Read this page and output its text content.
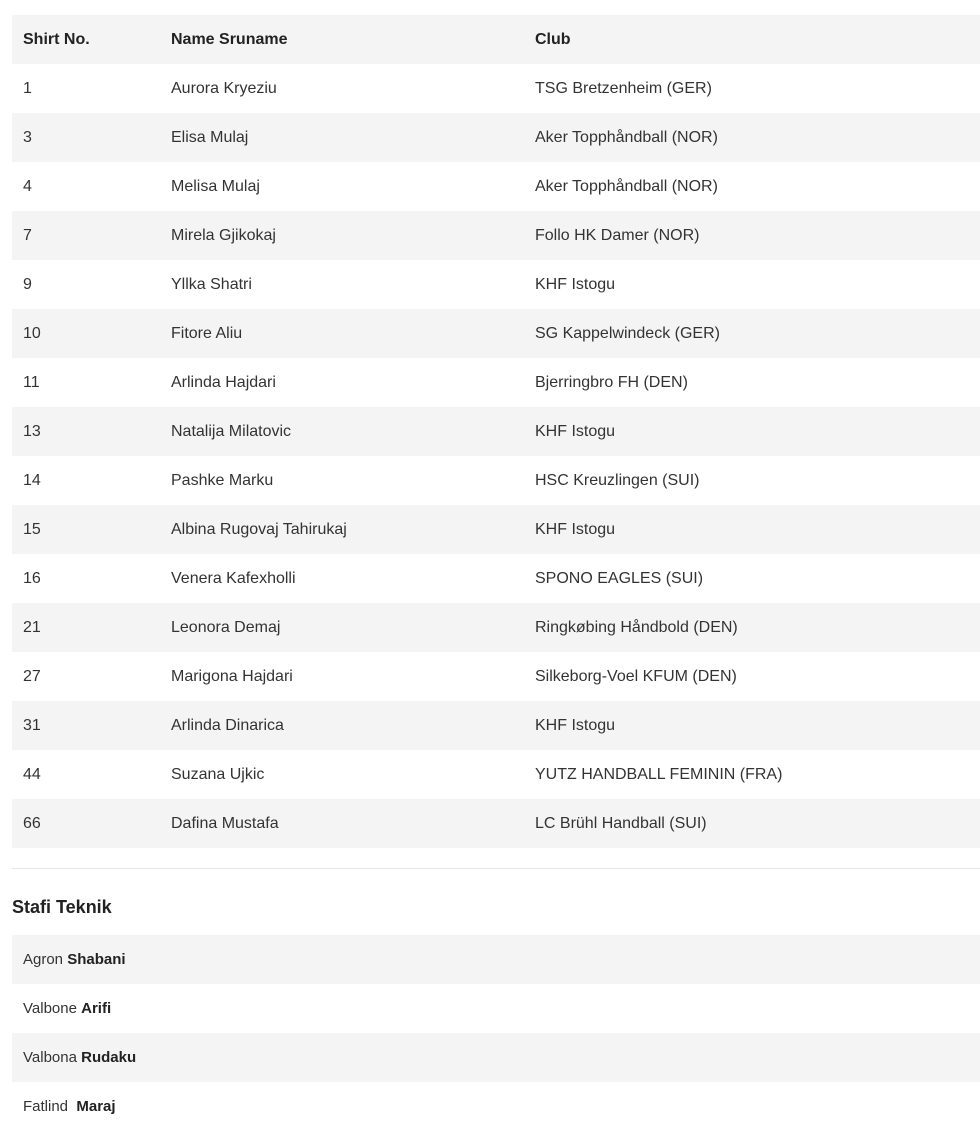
Shirt No.	Name Sruname	Club
1	Aurora Kryeziu	TSG Bretzenheim (GER)
3	Elisa Mulaj	Aker Topphåndball (NOR)
4	Melisa Mulaj	Aker Topphåndball (NOR)
7	Mirela Gjikokaj	Follo HK Damer (NOR)
9	Yllka Shatri	KHF Istogu
10	Fitore Aliu	SG Kappelwindeck (GER)
11	Arlinda Hajdari	Bjerringbro FH (DEN)
13	Natalija Milatovic	KHF Istogu
14	Pashke Marku	HSC Kreuzlingen (SUI)
15	Albina Rugovaj Tahirukaj	KHF Istogu
16	Venera Kafexholli	SPONO EAGLES (SUI)
21	Leonora Demaj	Ringkøbing Håndbold (DEN)
27	Marigona Hajdari	Silkeborg-Voel KFUM (DEN)
31	Arlinda Dinarica	KHF Istogu
44	Suzana Ujkic	YUTZ HANDBALL FEMININ (FRA)
66	Dafina Mustafa	LC Brühl Handball (SUI)
Stafi Teknik
Agron Shabani
Valbone Arifi
Valbona Rudaku
Fatlind  Maraj
